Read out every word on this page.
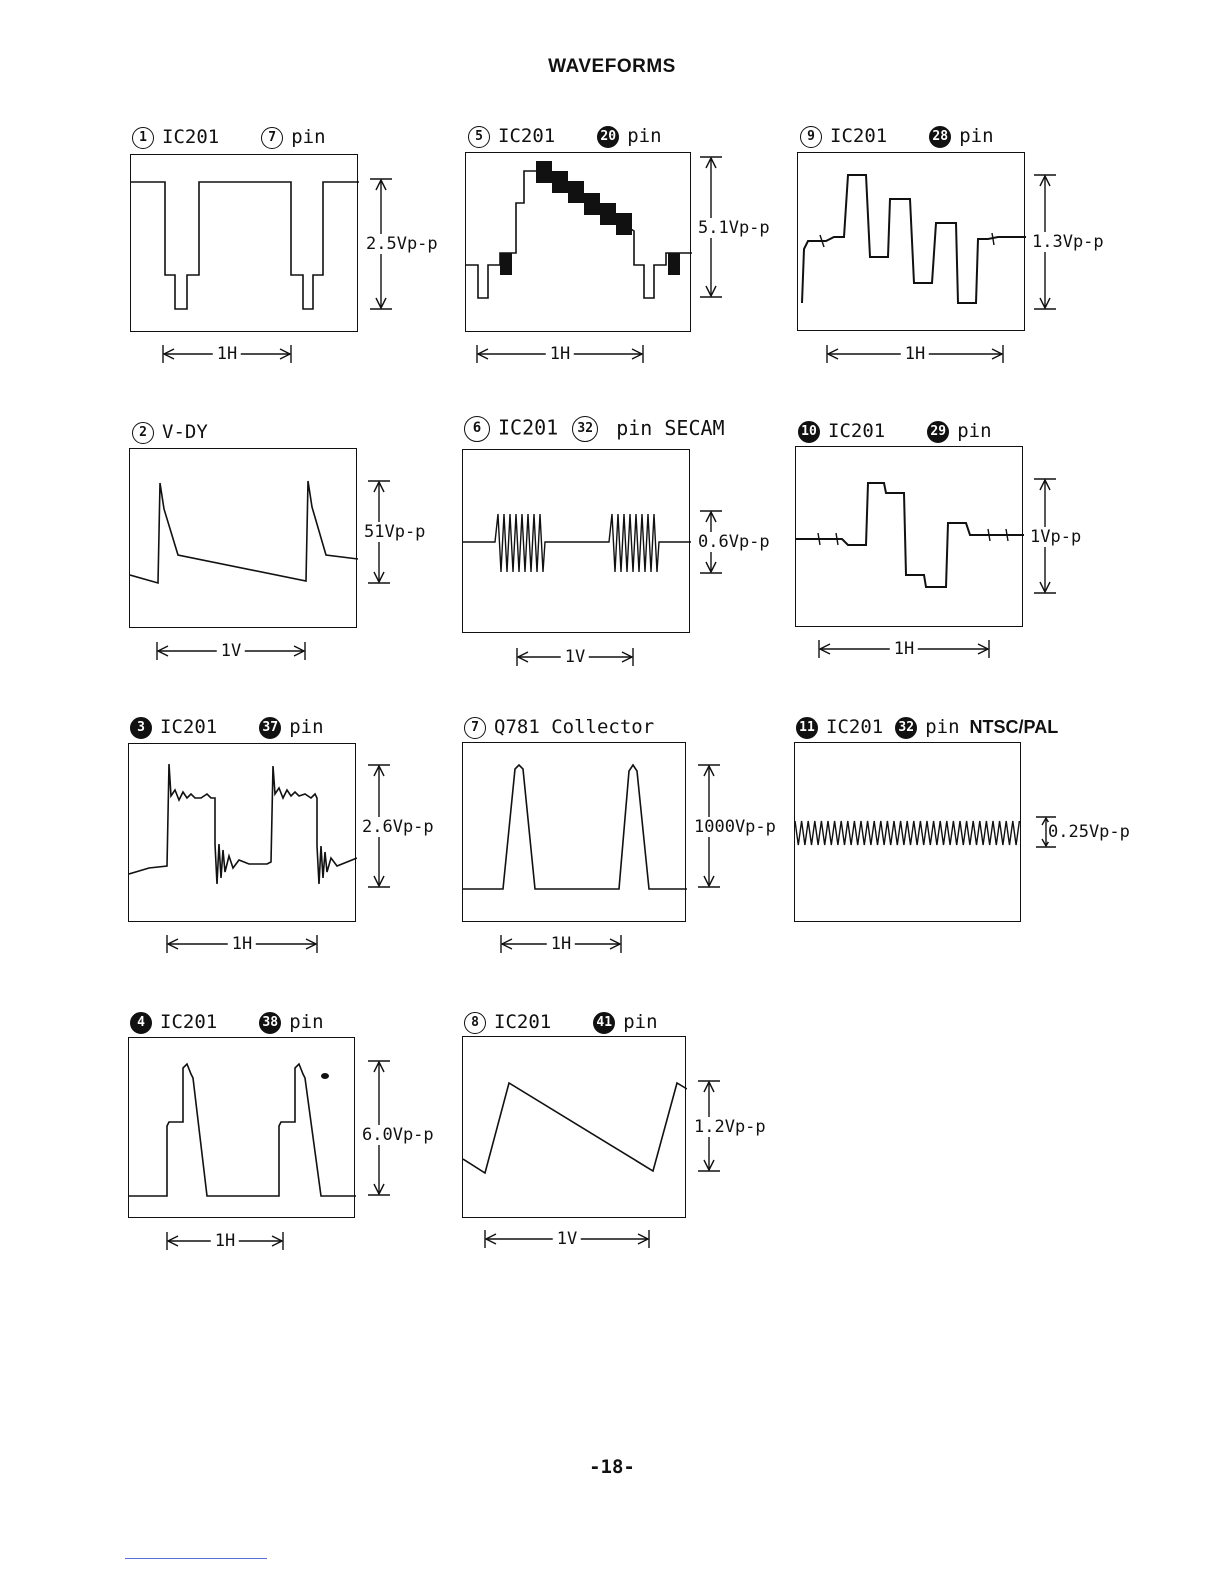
WAVEFORMS
1 IC201	7 pin
2.5Vp-p
1H
5 IC201	20 pin
5.1Vp-p
1H
9 IC201	28 pin
1.3Vp-p
1H
2 V-DY
51Vp-p
1V
6 IC201 32 pin SECAM
0.6Vp-p
1V
10 IC201	29 pin
1Vp-p
1H
3 IC201	37 pin
2.6Vp-p
1H
7 Q781 Collector
1000Vp-p
1H
11 IC201 32 pin NTSC/PAL
0.25Vp-p
4 IC201	38 pin
6.0Vp-p
1H
8 IC201	41 pin
1.2Vp-p
1V
-18-
